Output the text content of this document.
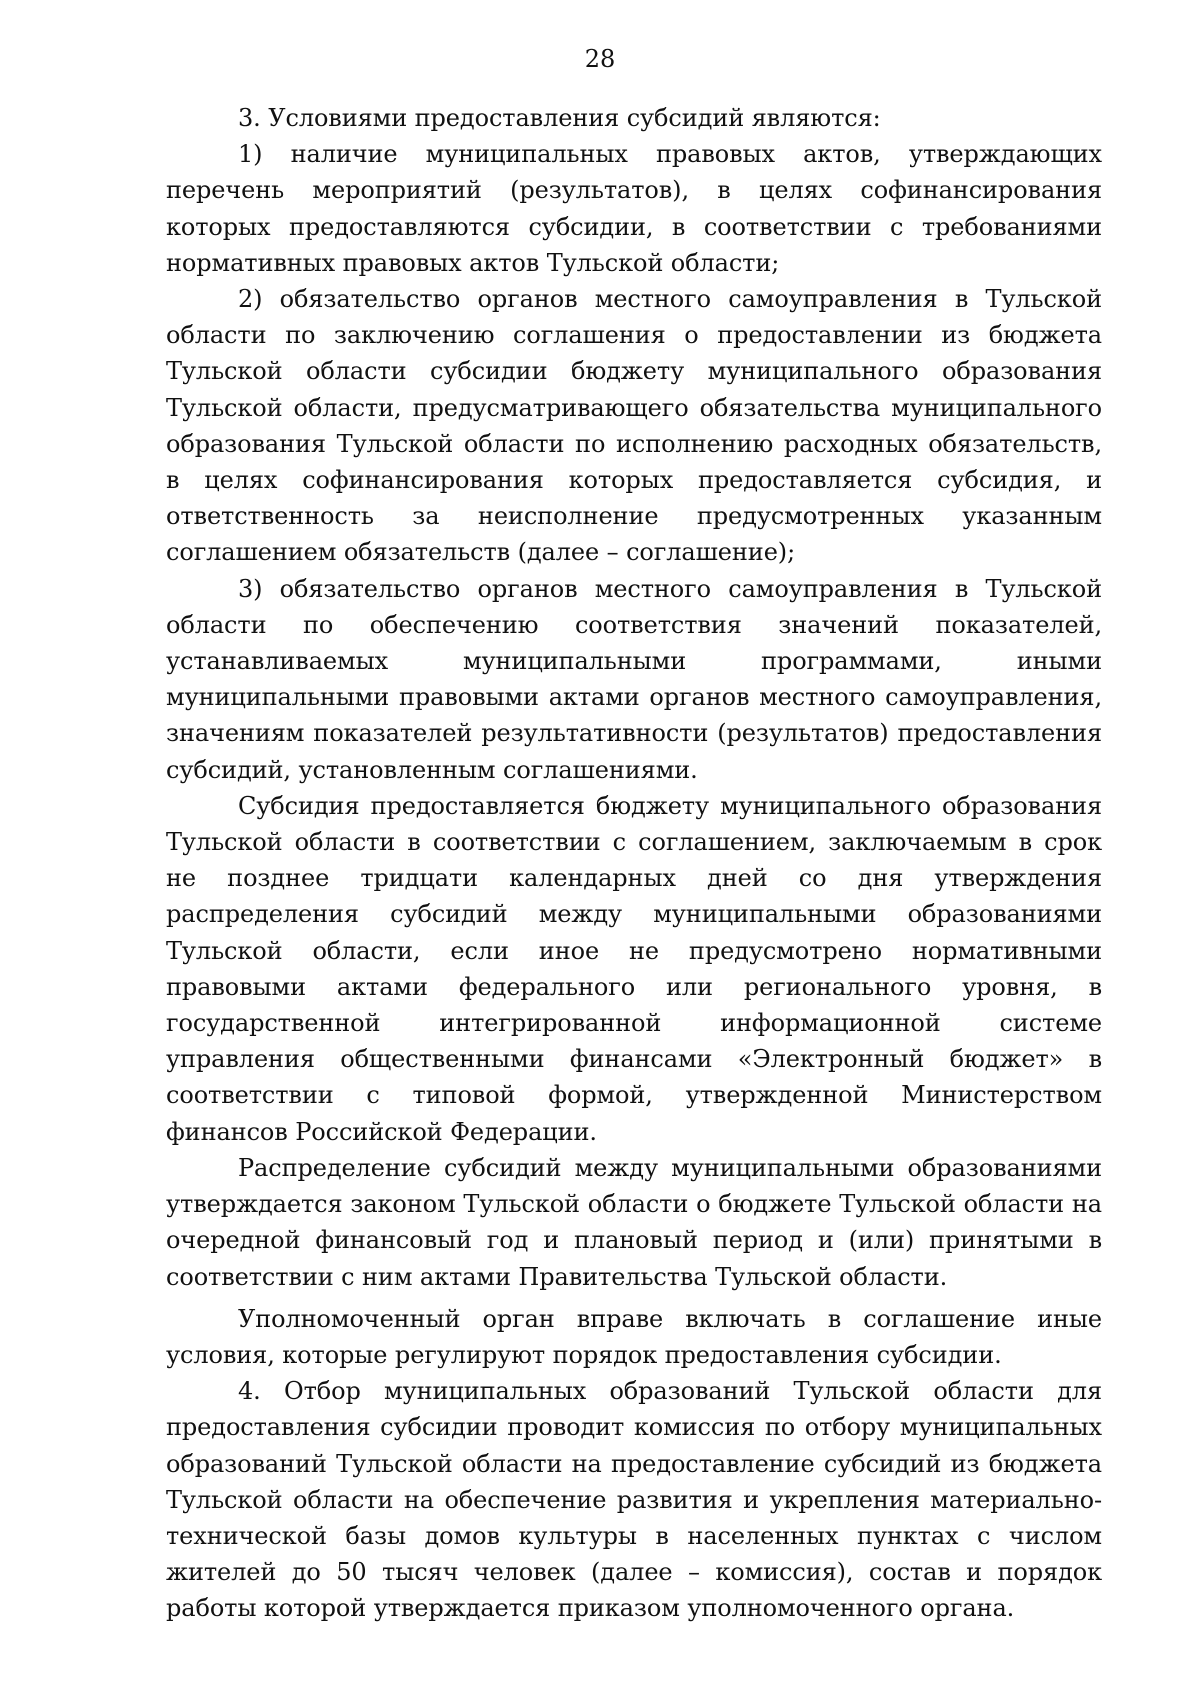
28

3. Условиями предоставления субсидий являются:

1) наличие муниципальных правовых актов, утверждающих перечень мероприятий (результатов), в целях софинансирования которых предоставляются субсидии, в соответствии с требованиями нормативных правовых актов Тульской области;

2) обязательство органов местного самоуправления в Тульской области по заключению соглашения о предоставлении из бюджета Тульской области субсидии бюджету муниципального образования Тульской области, предусматривающего обязательства муниципального образования Тульской области по исполнению расходных обязательств, в целях софинансирования которых предоставляется субсидия, и ответственность за неисполнение предусмотренных указанным соглашением обязательств (далее – соглашение);

3) обязательство органов местного самоуправления в Тульской области по обеспечению соответствия значений показателей, устанавливаемых муниципальными программами, иными муниципальными правовыми актами органов местного самоуправления, значениям показателей результативности (результатов) предоставления субсидий, установленным соглашениями.

Субсидия предоставляется бюджету муниципального образования Тульской области в соответствии с соглашением, заключаемым в срок не позднее тридцати календарных дней со дня утверждения распределения субсидий между муниципальными образованиями Тульской области, если иное не предусмотрено нормативными правовыми актами федерального или регионального уровня, в государственной интегрированной информационной системе управления общественными финансами «Электронный бюджет» в соответствии с типовой формой, утвержденной Министерством финансов Российской Федерации.

Распределение субсидий между муниципальными образованиями утверждается законом Тульской области о бюджете Тульской области на очередной финансовый год и плановый период и (или) принятыми в соответствии с ним актами Правительства Тульской области.

Уполномоченный орган вправе включать в соглашение иные условия, которые регулируют порядок предоставления субсидии.

4. Отбор муниципальных образований Тульской области для предоставления субсидии проводит комиссия по отбору муниципальных образований Тульской области на предоставление субсидий из бюджета Тульской области на обеспечение развития и укрепления материально-технической базы домов культуры в населенных пунктах с числом жителей до 50 тысяч человек (далее – комиссия), состав и порядок работы которой утверждается приказом уполномоченного органа.
